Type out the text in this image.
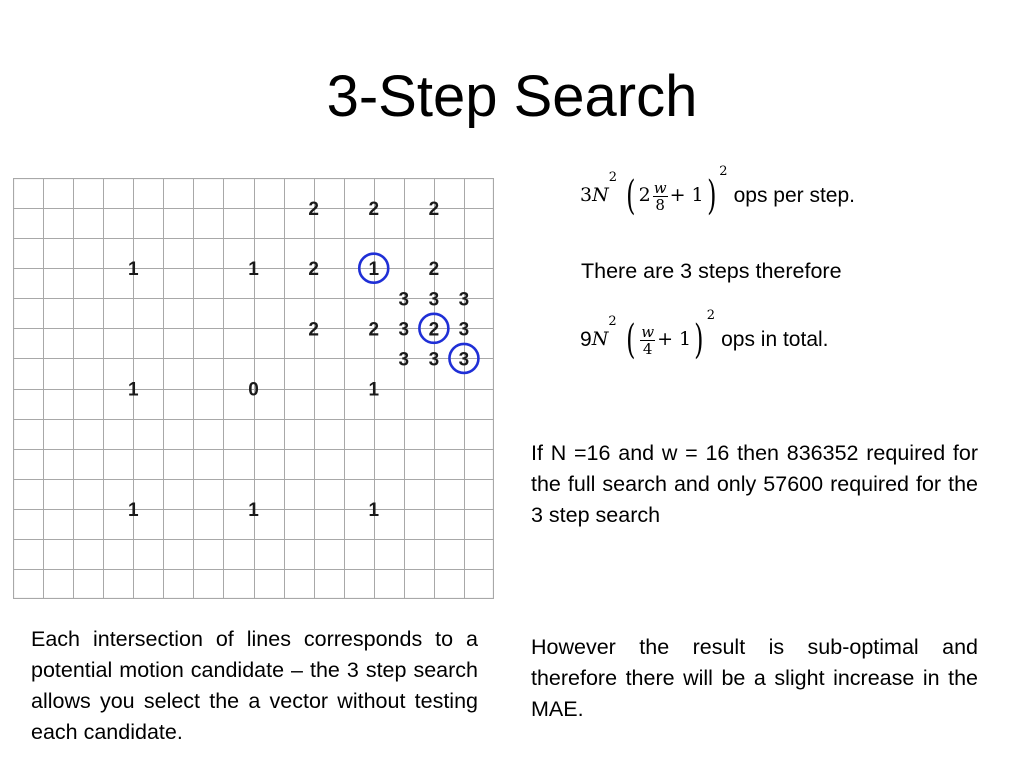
3-Step Search
2	2	2
1	1	2	1	2
3 3 3
2	2 3 2 3
3 3 3
1	0	1
1	1	1
$3N^2$ ( $2 \frac{w}{8} + 1)^2$ ops per step.
There are 3 steps therefore
$9N^2$ ( $\frac{w}{4} + 1)^2$ ops in total.
If N =16 and w = 16 then 836352 required for the full search and only 57600 required for the 3 step search
Each intersection of lines corresponds to a potential motion candidate – the 3 step search allows you select the a vector without testing each candidate.
However the result is sub-optimal and therefore there will be a slight increase in the MAE.
